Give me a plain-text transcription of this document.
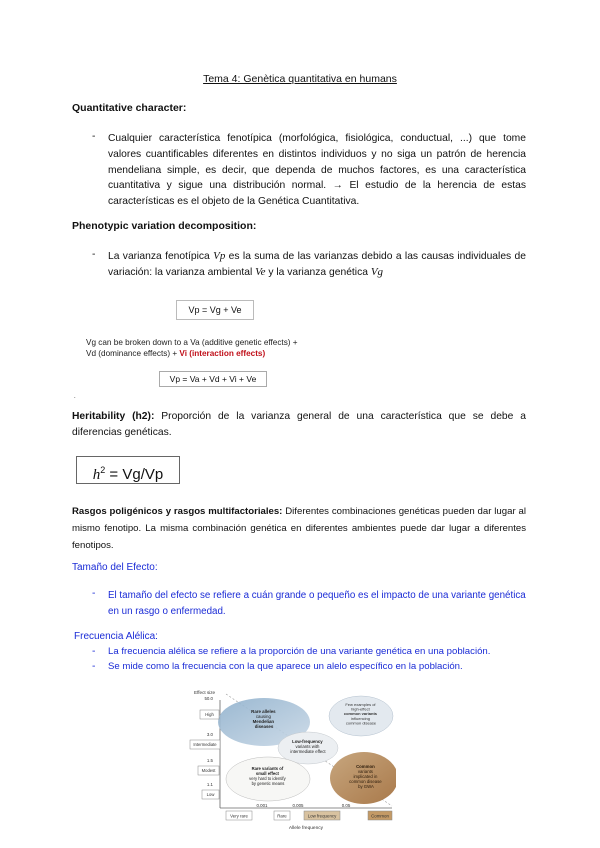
Tema 4: Genètica quantitativa en humans
Quantitative character:
- Cualquier característica fenotípica (morfológica, fisiológica, conductual, ...) que tome valores cuantificables diferentes en distintos individuos y no siga un patrón de herencia mendeliana simple, es decir, que dependa de muchos factores, es una característica cuantitativa y sigue una distribución normal. → El estudio de la herencia de estas características es el objeto de la Genética Cuantitativa.
Phenotypic variation decomposition:
- La varianza fenotípica Vp es la suma de las varianzas debido a las causas individuales de variación: la varianza ambiental Ve y la varianza genética Vg
Vp = Vg + Ve
Vg can be broken down to a Va (additive genetic effects) +
Vd (dominance effects) + Vi (interaction effects)
Vp = Va + Vd + Vi + Ve
.
Heritability (h2): Proporción de la varianza general de una característica que se debe a diferencias genéticas.
$h^2 = Vg/Vp$
Rasgos poligénicos y rasgos multifactoriales: Diferentes combinaciones genéticas pueden dar lugar al mismo fenotipo. La misma combinación genética en diferentes ambientes puede dar lugar a diferentes fenotipos.
Tamaño del Efecto:
- El tamaño del efecto se refiere a cuán grande o pequeño es el impacto de una variante genética en un rasgo o enfermedad.
Frecuencia Alélica:
- La frecuencia alélica se refiere a la proporción de una variante genética en una población.
- Se mide como la frecuencia con la que aparece un alelo específico en la población.
Rare alleles causing Mendelian diseases
Few examples of high-effect common variants influencing common disease
Low-frequency variants with intermediate effect
Rare variants of small effect very hard to identify by genetic means
Common variants implicated in common disease by GWA
Effect size
50.0
3.0
1.5
1.1
High
Intermediate
Modest
Low
0.001	0.005	0.05
Very rare	Rare	Low frequency	Common
Allele frequency
